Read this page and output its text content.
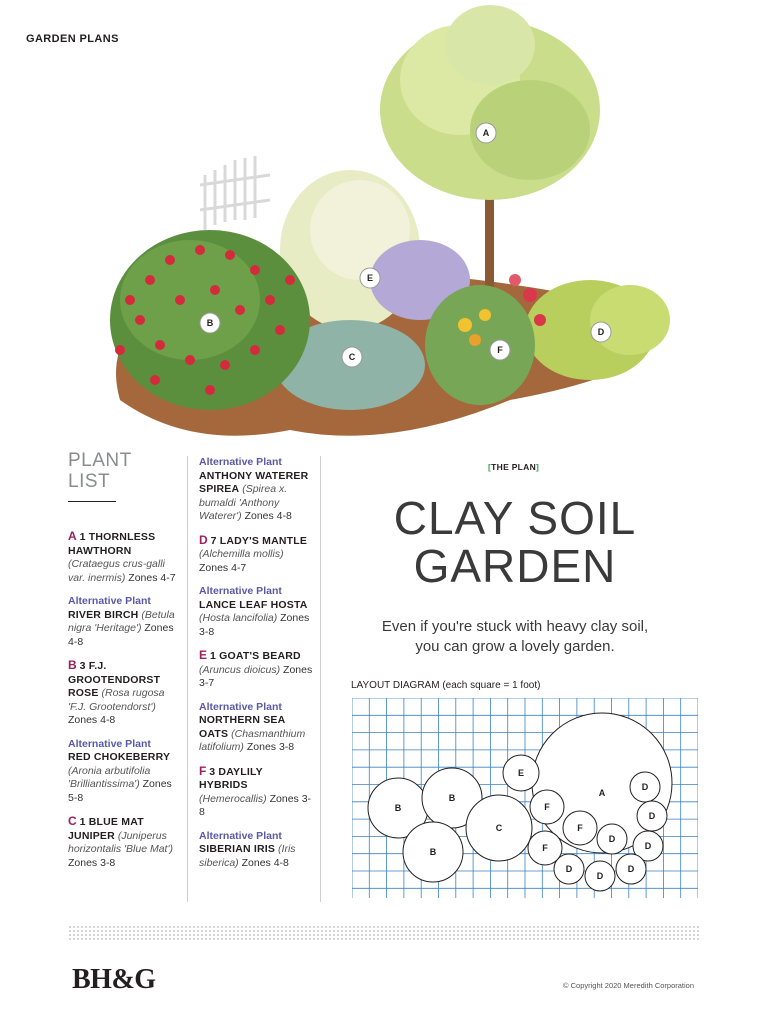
GARDEN PLANS
A
B
C
D
E
F
PLANT
LIST
A 1 THORNLESS HAWTHORN (Crataegus crus-galli var. inermis) Zones 4-7
Alternative Plant
RIVER BIRCH (Betula nigra 'Heritage') Zones 4-8
B 3 F.J. GROOTENDORST ROSE (Rosa rugosa 'F.J. Grootendorst') Zones 4-8
Alternative Plant
RED CHOKEBERRY (Aronia arbutifolia 'Brilliantissima') Zones 5-8
C 1 BLUE MAT JUNIPER (Juniperus horizontalis 'Blue Mat') Zones 3-8
Alternative Plant
ANTHONY WATERER SPIREA (Spirea x. bumaldi 'Anthony Waterer') Zones 4-8
D 7 LADY'S MANTLE (Alchemilla mollis) Zones 4-7
Alternative Plant
LANCE LEAF HOSTA (Hosta lancifolia) Zones 3-8
E 1 GOAT'S BEARD (Aruncus dioicus) Zones 3-7
Alternative Plant
NORTHERN SEA OATS (Chasmanthium latifolium) Zones 3-8
F 3 DAYLILY HYBRIDS (Hemerocallis) Zones 3-8
Alternative Plant
SIBERIAN IRIS (Iris siberica) Zones 4-8
[THE PLAN]
CLAY SOIL
GARDEN
Even if you're stuck with heavy clay soil,
you can grow a lovely garden.
LAYOUT DIAGRAM (each square = 1 foot)
A
B
B
B
C
D
D
D
D
D
D
D
E
F
F
F
BH&G	© Copyright 2020 Meredith Corporation
